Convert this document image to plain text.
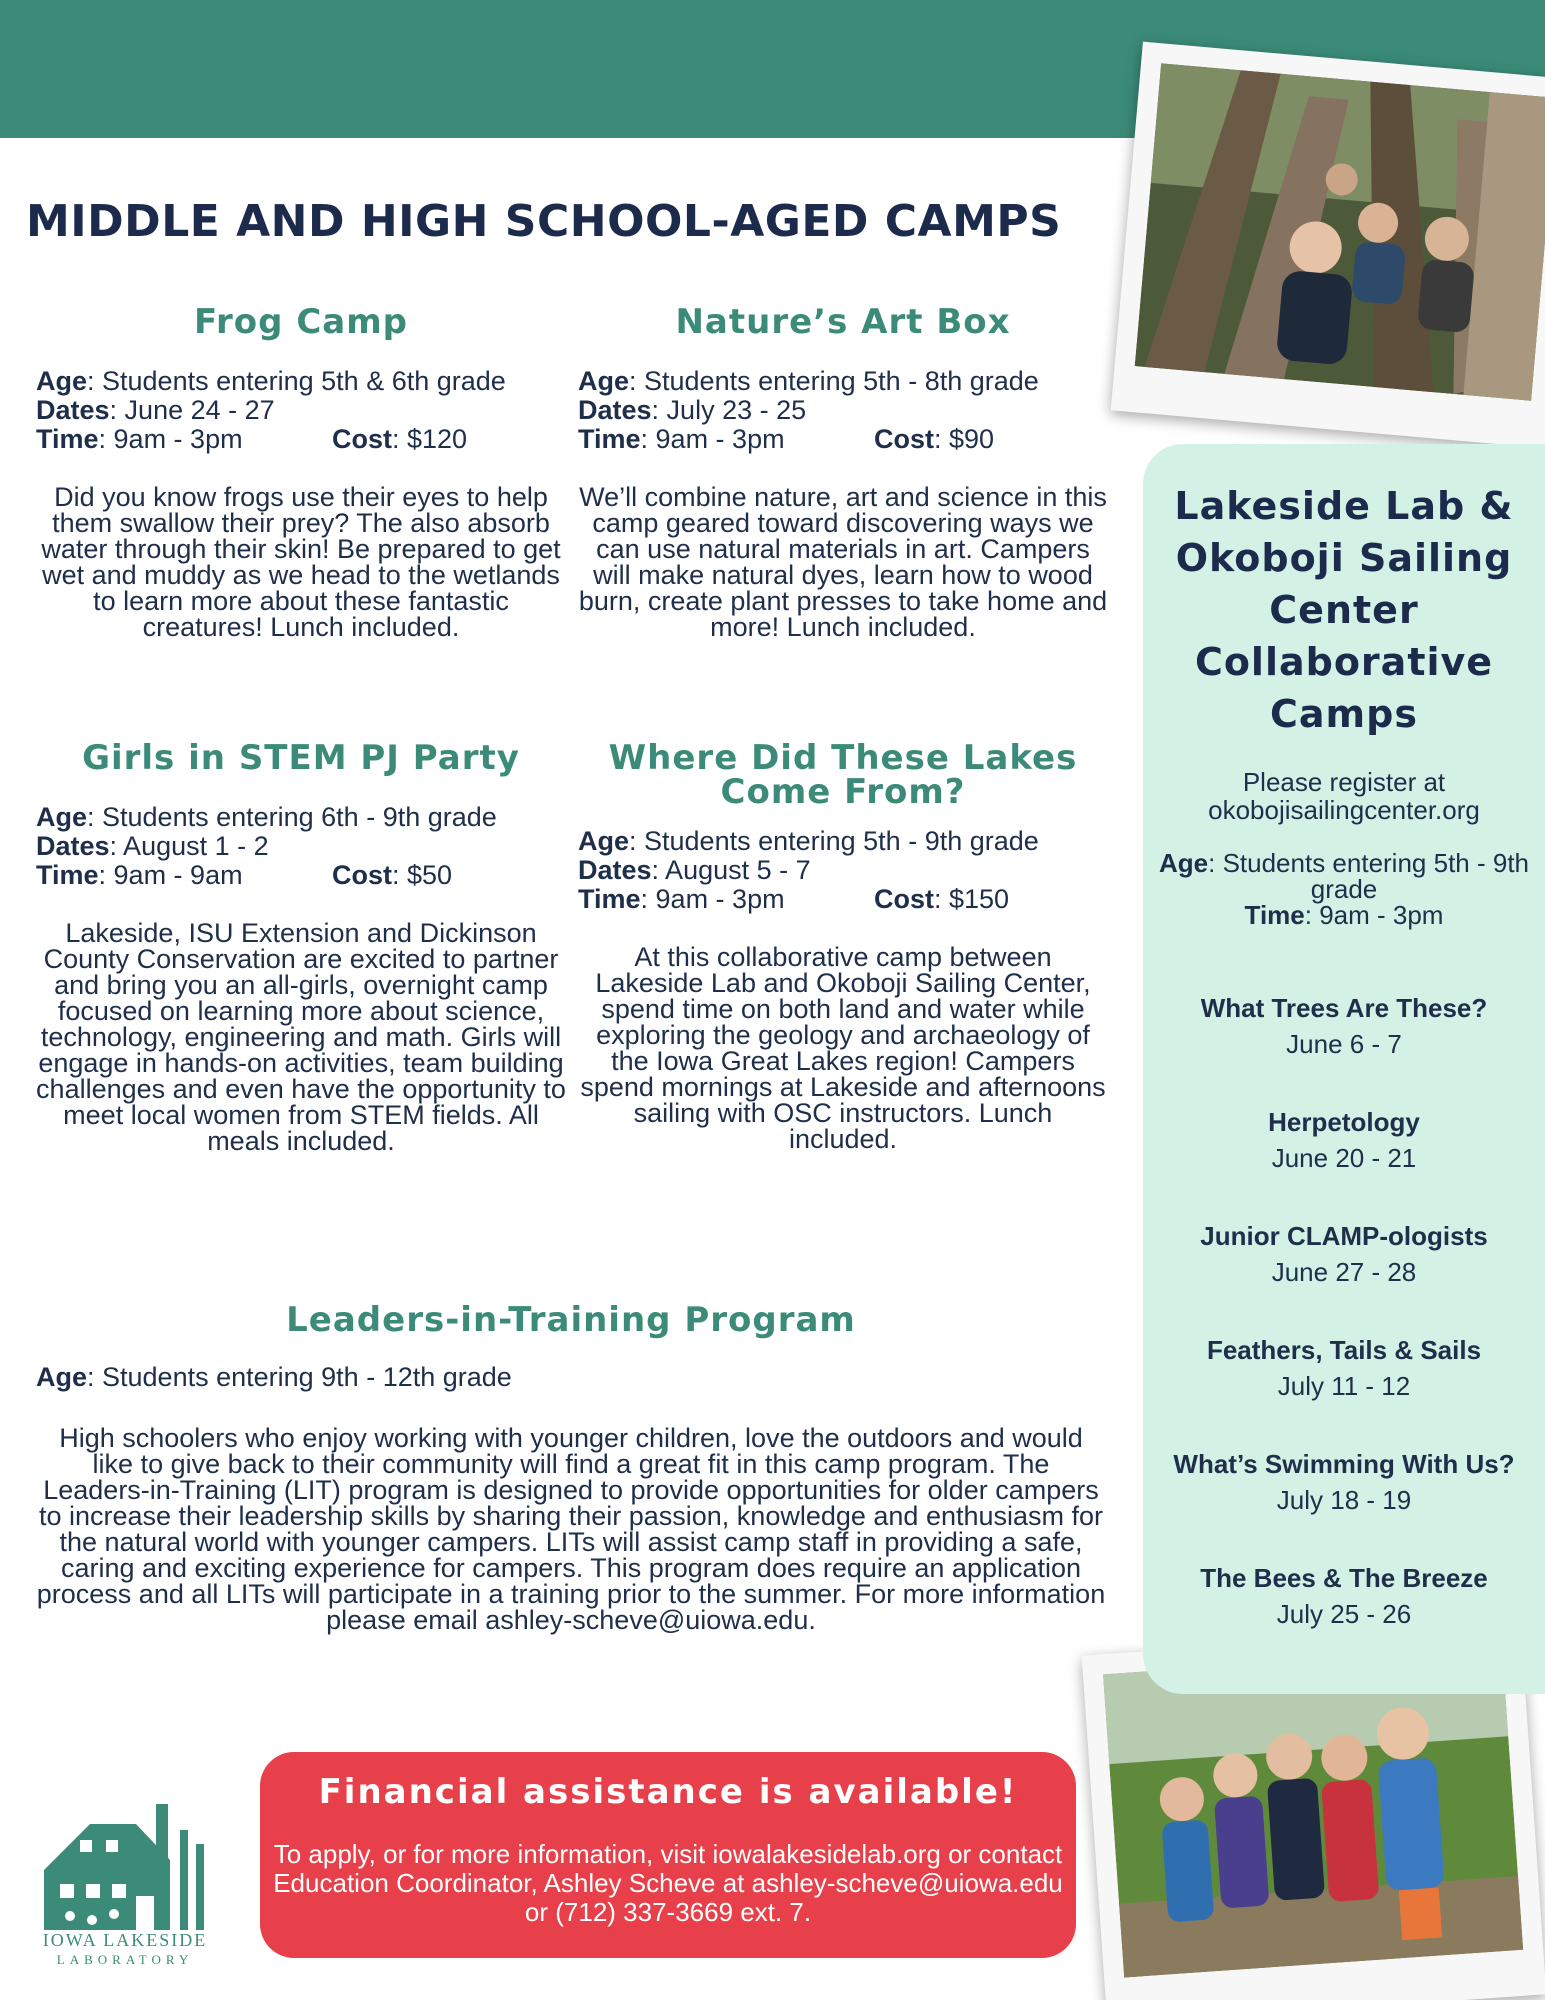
MIDDLE AND HIGH SCHOOL-AGED CAMPS
Frog Camp
Age: Students entering 5th & 6th grade
Dates: June 24 - 27
Time: 9am - 3pm	Cost: $120

Did you know frogs use their eyes to help them swallow their prey? The also absorb water through their skin! Be prepared to get wet and muddy as we head to the wetlands to learn more about these fantastic creatures! Lunch included.

Nature’s Art Box
Age: Students entering 5th - 8th grade
Dates: July 23 - 25
Time: 9am - 3pm	Cost: $90

We’ll combine nature, art and science in this camp geared toward discovering ways we can use natural materials in art. Campers will make natural dyes, learn how to wood burn, create plant presses to take home and more! Lunch included.

Girls in STEM PJ Party
Age: Students entering 6th - 9th grade
Dates: August 1 - 2
Time: 9am - 9am	Cost: $50

Lakeside, ISU Extension and Dickinson County Conservation are excited to partner and bring you an all-girls, overnight camp focused on learning more about science, technology, engineering and math. Girls will engage in hands-on activities, team building challenges and even have the opportunity to meet local women from STEM fields. All meals included.

Where Did These Lakes Come From?
Age: Students entering 5th - 9th grade
Dates: August 5 - 7
Time: 9am - 3pm	Cost: $150

At this collaborative camp between Lakeside Lab and Okoboji Sailing Center, spend time on both land and water while exploring the geology and archaeology of the Iowa Great Lakes region! Campers spend mornings at Lakeside and afternoons sailing with OSC instructors. Lunch included.

Leaders-in-Training Program
Age: Students entering 9th - 12th grade

High schoolers who enjoy working with younger children, love the outdoors and would like to give back to their community will find a great fit in this camp program. The Leaders-in-Training (LIT) program is designed to provide opportunities for older campers to increase their leadership skills by sharing their passion, knowledge and enthusiasm for the natural world with younger campers. LITs will assist camp staff in providing a safe, caring and exciting experience for campers. This program does require an application process and all LITs will participate in a training prior to the summer. For more information please email ashley-scheve@uiowa.edu.

Lakeside Lab & Okoboji Sailing Center Collaborative Camps
Please register at okobojisailingcenter.org
Age: Students entering 5th - 9th grade
Time: 9am - 3pm
What Trees Are These?
June 6 - 7
Herpetology
June 20 - 21
Junior CLAMP-ologists
June 27 - 28
Feathers, Tails & Sails
July 11 - 12
What’s Swimming With Us?
July 18 - 19
The Bees & The Breeze
July 25 - 26
Financial assistance is available!

To apply, or for more information, visit iowalakesidelab.org or contact Education Coordinator, Ashley Scheve at ashley-scheve@uiowa.edu or (712) 337-3669 ext. 7.

IOWA LAKESIDE
LABORATORY
